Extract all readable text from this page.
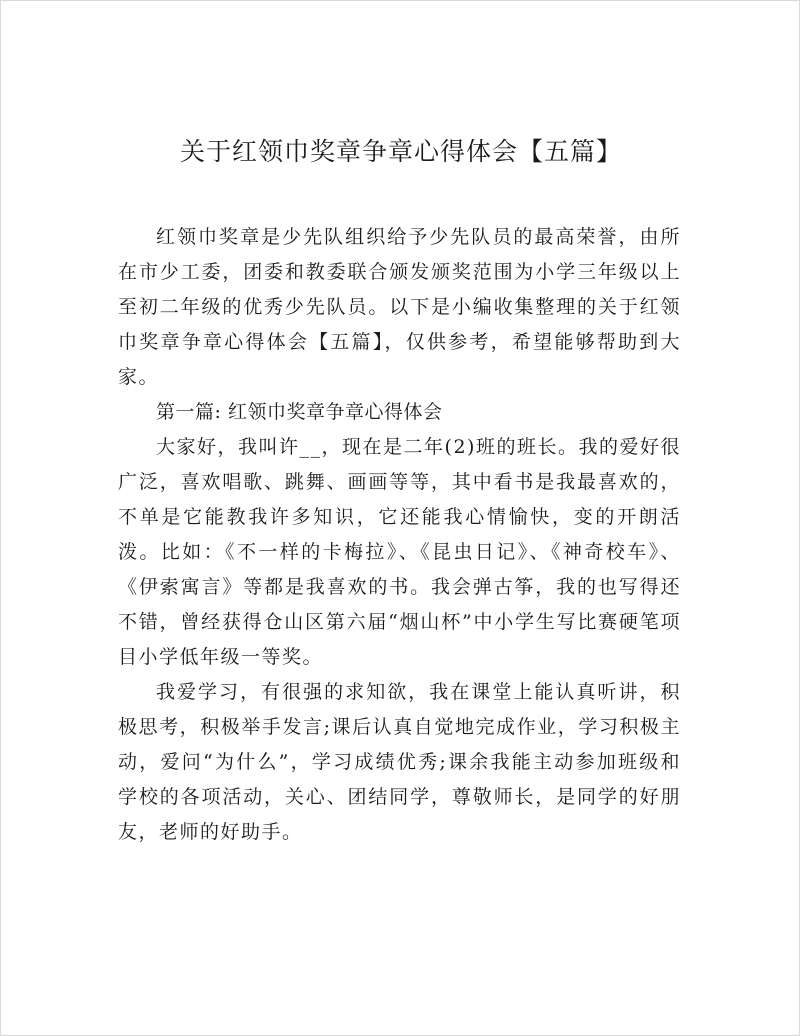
关于红领巾奖章争章心得体会【五篇】

红领巾奖章是少先队组织给予少先队员的最高荣誉，由所在市少工委，团委和教委联合颁发颁奖范围为小学三年级以上至初二年级的优秀少先队员。以下是小编收集整理的关于红领巾奖章争章心得体会【五篇】，仅供参考，希望能够帮助到大家。

第一篇: 红领巾奖章争章心得体会

大家好，我叫许__，现在是二年(2)班的班长。我的爱好很广泛，喜欢唱歌、跳舞、画画等等，其中看书是我最喜欢的，不单是它能教我许多知识，它还能我心情愉快，变的开朗活泼。比如：《不一样的卡梅拉》、《昆虫日记》、《神奇校车》、《伊索寓言》等都是我喜欢的书。我会弹古筝，我的也写得还不错，曾经获得仓山区第六届“烟山杯”中小学生写比赛硬笔项目小学低年级一等奖。

我爱学习，有很强的求知欲，我在课堂上能认真听讲，积极思考，积极举手发言;课后认真自觉地完成作业，学习积极主动，爱问“为什么”，学习成绩优秀;课余我能主动参加班级和学校的各项活动，关心、团结同学，尊敬师长，是同学的好朋友，老师的好助手。
